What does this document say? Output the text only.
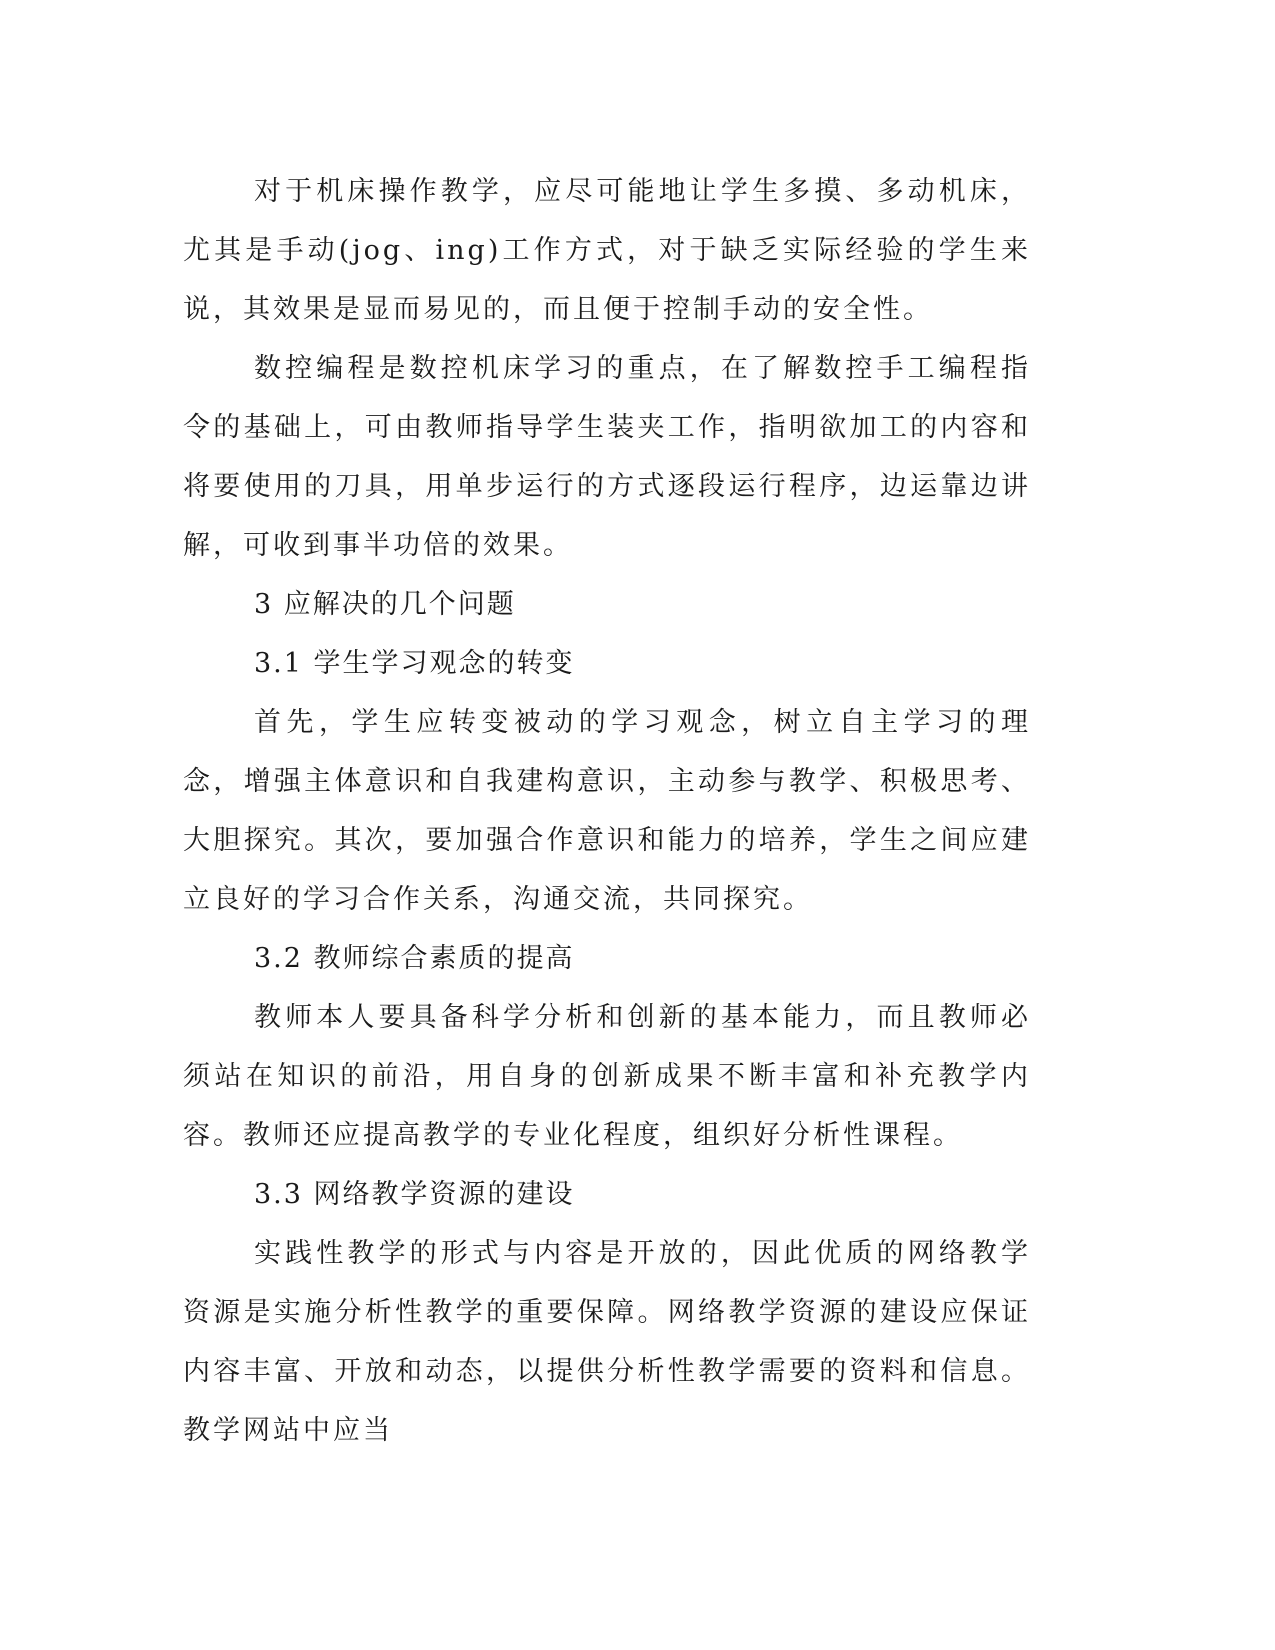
对于机床操作教学，应尽可能地让学生多摸、多动机床，尤其是手动(jog、ing)工作方式，对于缺乏实际经验的学生来说，其效果是显而易见的，而且便于控制手动的安全性。

数控编程是数控机床学习的重点，在了解数控手工编程指令的基础上，可由教师指导学生装夹工作，指明欲加工的内容和将要使用的刀具，用单步运行的方式逐段运行程序，边运靠边讲解，可收到事半功倍的效果。

3 应解决的几个问题

3.1 学生学习观念的转变

首先，学生应转变被动的学习观念，树立自主学习的理念，增强主体意识和自我建构意识，主动参与教学、积极思考、大胆探究。其次，要加强合作意识和能力的培养，学生之间应建立良好的学习合作关系，沟通交流，共同探究。

3.2 教师综合素质的提高

教师本人要具备科学分析和创新的基本能力，而且教师必须站在知识的前沿，用自身的创新成果不断丰富和补充教学内容。教师还应提高教学的专业化程度，组织好分析性课程。

3.3 网络教学资源的建设

实践性教学的形式与内容是开放的，因此优质的网络教学资源是实施分析性教学的重要保障。网络教学资源的建设应保证内容丰富、开放和动态，以提供分析性教学需要的资料和信息。教学网站中应当
